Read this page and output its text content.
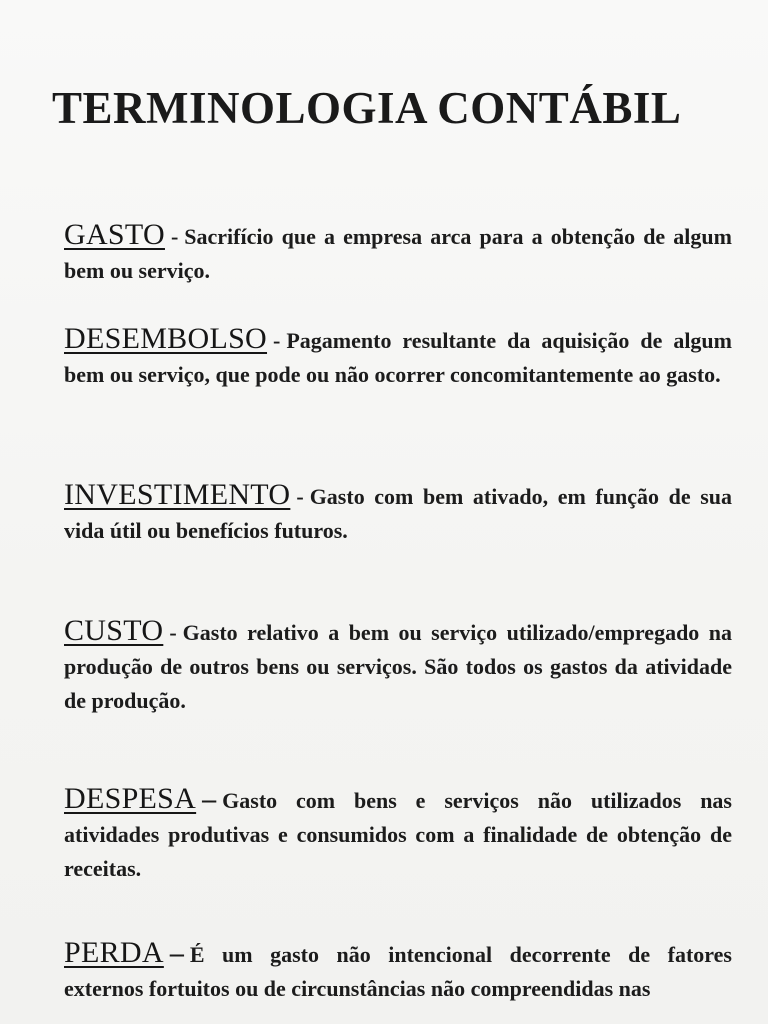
TERMINOLOGIA CONTÁBIL
GASTO - Sacrifício que a empresa arca para a obtenção de algum bem ou serviço.
DESEMBOLSO - Pagamento resultante da aquisição de algum bem ou serviço, que pode ou não ocorrer concomitantemente ao gasto.
INVESTIMENTO - Gasto com bem ativado, em função de sua vida útil ou benefícios futuros.
CUSTO - Gasto relativo a bem ou serviço utilizado/empregado na produção de outros bens ou serviços. São todos os gastos da atividade de produção.
DESPESA – Gasto com bens e serviços não utilizados nas atividades produtivas e consumidos com a finalidade de obtenção de receitas.
PERDA – É um gasto não intencional decorrente de fatores externos fortuitos ou de circunstâncias não compreendidas nas
